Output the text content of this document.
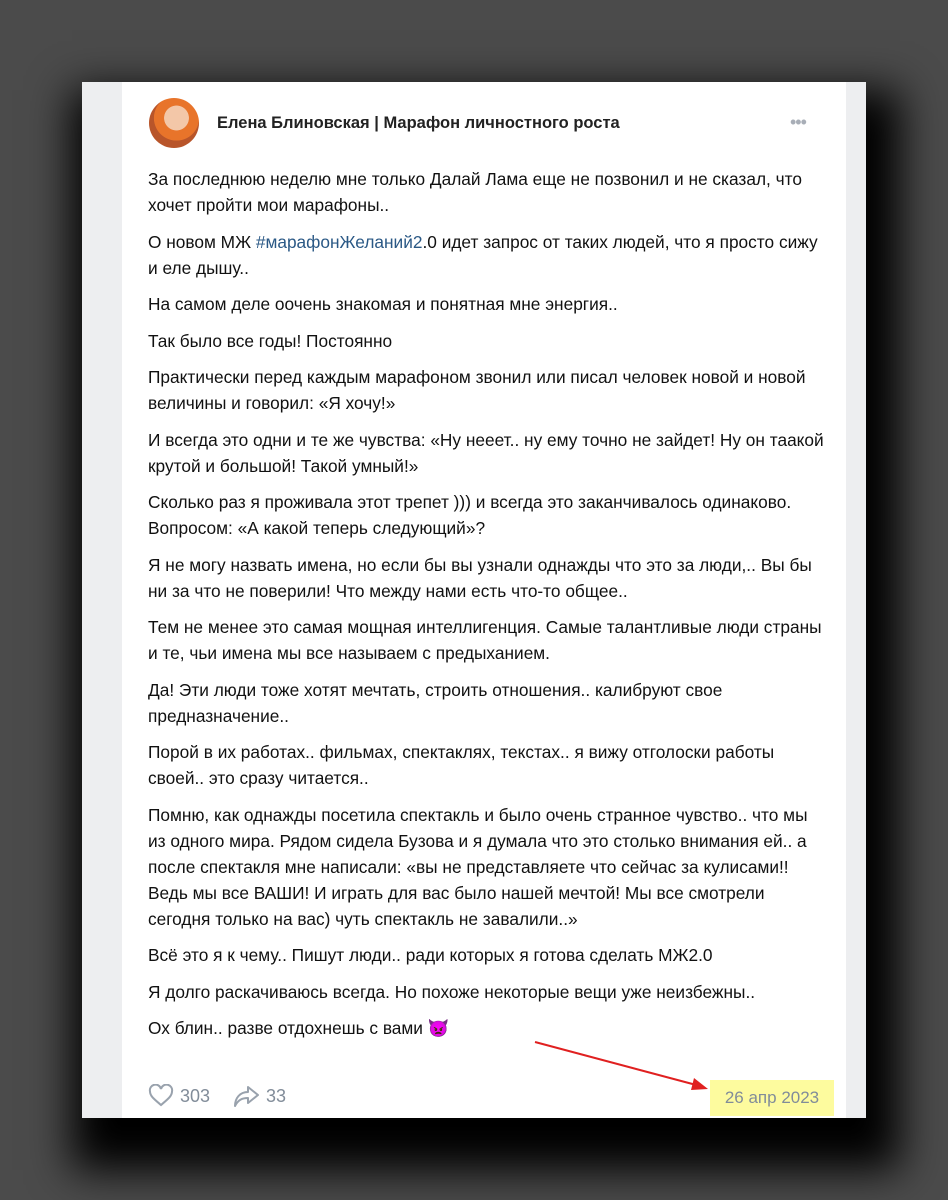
Елена Блиновская | Марафон личностного роста	•••

За последнюю неделю мне только Далай Лама еще не позвонил и не сказал, что хочет пройти мои марафоны..

О новом МЖ #марафонЖеланий2.0 идет запрос от таких людей, что я просто сижу и еле дышу..

На самом деле оочень знакомая и понятная мне энергия..

Так было все годы! Постоянно

Практически перед каждым марафоном звонил или писал человек новой и новой величины и говорил: «Я хочу!»

И всегда это одни и те же чувства: «Ну нееет.. ну ему точно не зайдет! Ну он таакой крутой и большой! Такой умный!»

Сколько раз я проживала этот трепет ))) и всегда это заканчивалось одинаково. Вопросом: «А какой теперь следующий»?

Я не могу назвать имена, но если бы вы узнали однажды что это за люди,.. Вы бы ни за что не поверили! Что между нами есть что-то общее..

Тем не менее это самая мощная интеллигенция. Самые талантливые люди страны и те, чьи имена мы все называем с предыханием.

Да! Эти люди тоже хотят мечтать, строить отношения.. калибруют свое предназначение..

Порой в их работах.. фильмах, спектаклях, текстах.. я вижу отголоски работы своей.. это сразу читается..

Помню, как однажды посетила спектакль и было очень странное чувство.. что мы из одного мира. Рядом сидела Бузова и я думала что это столько внимания ей.. а после спектакля мне написали: «вы не представляете что сейчас за кулисами!! Ведь мы все ВАШИ! И играть для вас было нашей мечтой! Мы все смотрели сегодня только на вас) чуть спектакль не завалили..»

Всё это я к чему.. Пишут люди.. ради которых я готова сделать МЖ2.0

Я долго раскачиваюсь всегда. Но похоже некоторые вещи уже неизбежны..

Ох блин.. разве отдохнешь с вами 👿

303	33	26 апр 2023
